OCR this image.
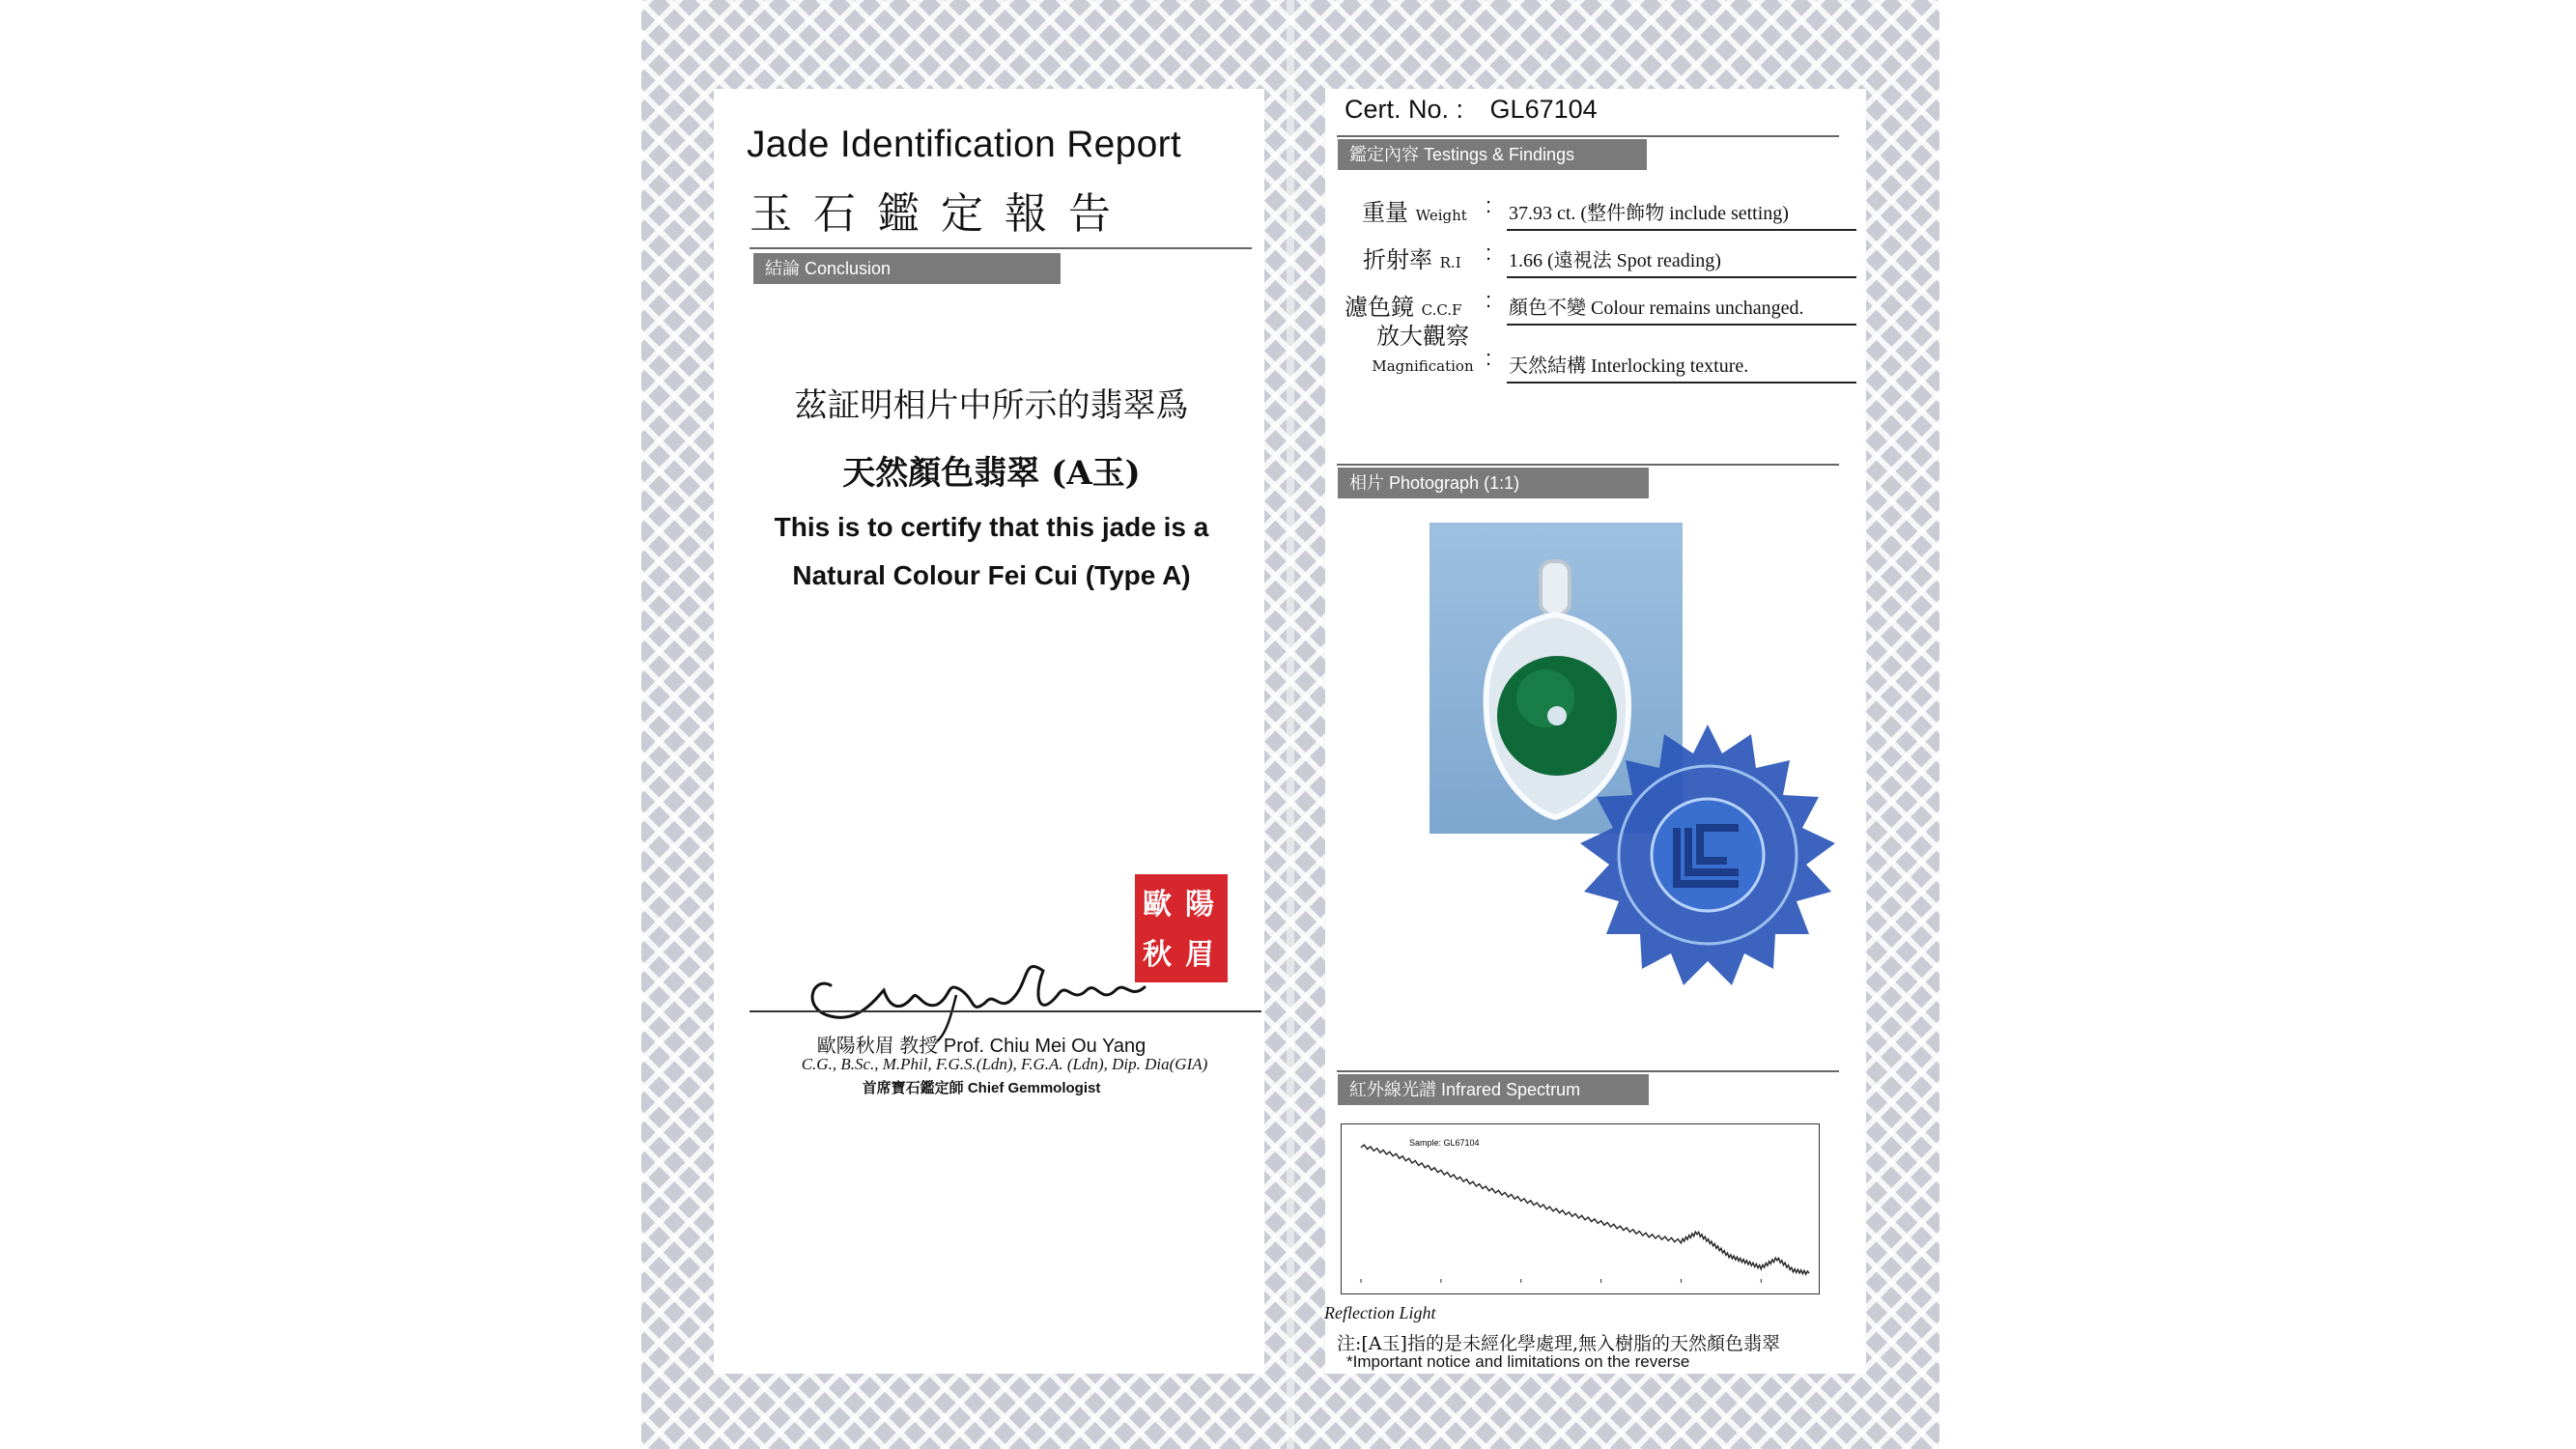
Jade Identification Report
玉石鑑定報告
結論 Conclusion
茲証明相片中所示的翡翠爲
天然顏色翡翠 (A玉)
This is to certify that this jade is a
Natural Colour Fei Cui (Type A)
歐 陽
秋 眉
歐陽秋眉 教授 Prof. Chiu Mei Ou Yang
C.G., B.Sc., M.Phil, F.G.S.(Ldn), F.G.A. (Ldn), Dip. Dia(GIA)
首席寶石鑑定師 Chief Gemmologist
Cert. No. : GL67104
鑑定內容 Testings & Findings
重量 Weight : 37.93 ct. (整件飾物 include setting)
折射率 R.I : 1.66 (遠視法 Spot reading)
濾色鏡 C.C.F : 顏色不變 Colour remains unchanged.
放大觀察
Magnification : 天然結構 Interlocking texture.
相片 Photograph (1:1)
紅外線光譜 Infrared Spectrum
Sample: GL67104
Reflection Light
注:[A玉]指的是未經化學處理,無入樹脂的天然顏色翡翠
*Important notice and limitations on the reverse
